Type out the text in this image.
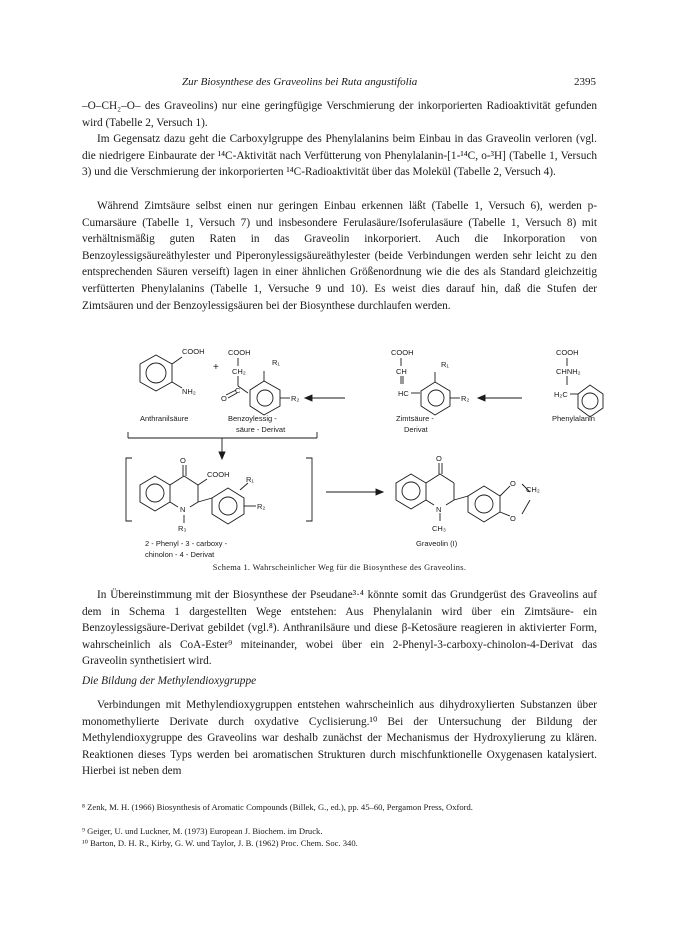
Zur Biosynthese des Graveolins bei Ruta angustifolia	2395

–O–CH₂–O– des Graveolins) nur eine geringfügige Verschmierung der inkorporierten Radioaktivität gefunden wird (Tabelle 2, Versuch 1).

Im Gegensatz dazu geht die Carboxylgruppe des Phenylalanins beim Einbau in das Graveolin verloren (vgl. die niedrigere Einbaurate der ¹⁴C-Aktivität nach Verfütterung von Phenylalanin-[1-¹⁴C, o-³H] (Tabelle 1, Versuch 3) und die Verschmierung der inkorporierten ¹⁴C-Radioaktivität über das Molekül (Tabelle 2, Versuch 4).

Während Zimtsäure selbst einen nur geringen Einbau erkennen läßt (Tabelle 1, Versuch 6), werden p-Cumarsäure (Tabelle 1, Versuch 7) und insbesondere Ferulasäure/Isoferulasäure (Tabelle 1, Versuch 8) mit verhältnismäßig guten Raten in das Graveolin inkorporiert. Auch die Inkorporation von Benzoylessigsäureäthylester und Piperonylessigsäureäthylester (beide Verbindungen werden sehr leicht zu den entsprechenden Säuren verseift) lagen in einer ähnlichen Größenordnung wie die des als Standard gleichzeitig verfütterten Phenylalanins (Tabelle 1, Versuche 9 und 10). Es weist dies darauf hin, daß die Stufen der Zimtsäuren und der Benzoylessigsäuren bei der Biosynthese durchlaufen werden.

COOH
NH₂
+
COOH
CH₂
O
C
R₁
R₂
COOH
CH
HC
R₁
R₂
COOH
CHNH₂
H₂C
Anthranilsäure	Benzoylessig -
säure - Derivat
Zimtsäure -
Derivat
Phenylalanin
O
COOH
R₁
R₂
N
R₃
O
N
CH₃
O
CH₂
O
2 - Phenyl - 3 - carboxy -
chinolon - 4 - Derivat
Graveolin (I)
Schema 1. Wahrscheinlicher Weg für die Biosynthese des Graveolins.

In Übereinstimmung mit der Biosynthese der Pseudane³·⁴ könnte somit das Grundgerüst des Graveolins auf dem in Schema 1 dargestellten Wege entstehen: Aus Phenylalanin wird über ein Zimtsäure- ein Benzoylessigsäure-Derivat gebildet (vgl.⁸). Anthranilsäure und diese β-Ketosäure reagieren in aktivierter Form, wahrscheinlich als CoA-Ester⁹ miteinander, wobei über ein 2-Phenyl-3-carboxy-chinolon-4-Derivat das Graveolin synthetisiert wird.

Die Bildung der Methylendioxygruppe

Verbindungen mit Methylendioxygruppen entstehen wahrscheinlich aus dihydroxylierten Substanzen über monomethylierte Derivate durch oxydative Cyclisierung.¹⁰ Bei der Untersuchung der Bildung der Methylendioxygruppe des Graveolins war deshalb zunächst der Mechanismus der Hydroxylierung zu klären. Reaktionen dieses Typs werden bei aromatischen Strukturen durch mischfunktionelle Oxygenasen katalysiert. Hierbei ist neben dem

⁸ Zenk, M. H. (1966) Biosynthesis of Aromatic Compounds (Billek, G., ed.), pp. 45–60, Pergamon Press, Oxford.

⁹ Geiger, U. und Luckner, M. (1973) European J. Biochem. im Druck.

¹⁰ Barton, D. H. R., Kirby, G. W. und Taylor, J. B. (1962) Proc. Chem. Soc. 340.
